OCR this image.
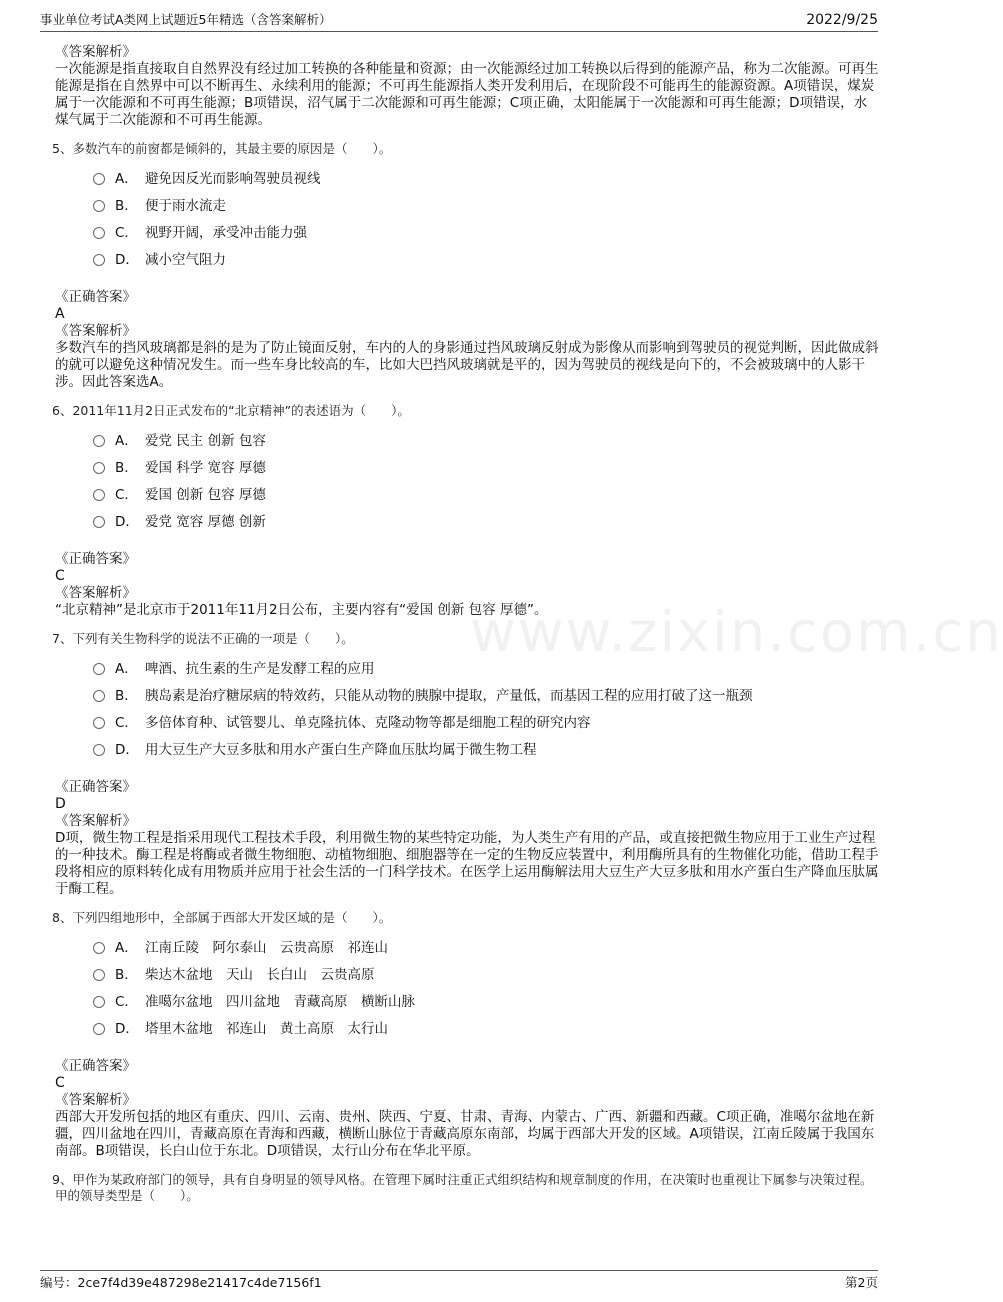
事业单位考试A类网上试题近5年精选（含答案解析）	2022/9/25
www.zixin.com.cn
《答案解析》
一次能源是指直接取自自然界没有经过加工转换的各种能量和资源；由一次能源经过加工转换以后得到的能源产品，称为二次能源。可再生能源是指在自然界中可以不断再生、永续利用的能源；不可再生能源指人类开发利用后，在现阶段不可能再生的能源资源。A项错误，煤炭属于一次能源和不可再生能源；B项错误，沼气属于二次能源和可再生能源；C项正确，太阳能属于一次能源和可再生能源；D项错误，水煤气属于二次能源和不可再生能源。
5、多数汽车的前窗都是倾斜的，其最主要的原因是（　　）。
A． 避免因反光而影响驾驶员视线
B． 便于雨水流走
C． 视野开阔，承受冲击能力强
D． 减小空气阻力
《正确答案》
A
《答案解析》
多数汽车的挡风玻璃都是斜的是为了防止镜面反射，车内的人的身影通过挡风玻璃反射成为影像从而影响到驾驶员的视觉判断，因此做成斜的就可以避免这种情况发生。而一些车身比较高的车，比如大巴挡风玻璃就是平的，因为驾驶员的视线是向下的，不会被玻璃中的人影干涉。因此答案选A。
6、2011年11月2日正式发布的“北京精神”的表述语为（　　）。
A． 爱党 民主 创新 包容
B． 爱国 科学 宽容 厚德
C． 爱国 创新 包容 厚德
D． 爱党 宽容 厚德 创新
《正确答案》
C
《答案解析》
“北京精神”是北京市于2011年11月2日公布，主要内容有“爱国 创新 包容 厚德”。
7、下列有关生物科学的说法不正确的一项是（　　）。
A． 啤酒、抗生素的生产是发酵工程的应用
B． 胰岛素是治疗糖尿病的特效药，只能从动物的胰腺中提取，产量低，而基因工程的应用打破了这一瓶颈
C． 多倍体育种、试管婴儿、单克隆抗体、克隆动物等都是细胞工程的研究内容
D． 用大豆生产大豆多肽和用水产蛋白生产降血压肽均属于微生物工程
《正确答案》
D
《答案解析》
D项，微生物工程是指采用现代工程技术手段，利用微生物的某些特定功能，为人类生产有用的产品，或直接把微生物应用于工业生产过程的一种技术。酶工程是将酶或者微生物细胞、动植物细胞、细胞器等在一定的生物反应装置中，利用酶所具有的生物催化功能，借助工程手段将相应的原料转化成有用物质并应用于社会生活的一门科学技术。在医学上运用酶解法用大豆生产大豆多肽和用水产蛋白生产降血压肽属于酶工程。
8、下列四组地形中，全部属于西部大开发区域的是（　　）。
A． 江南丘陵　阿尔泰山　云贵高原　祁连山
B． 柴达木盆地　天山　长白山　云贵高原
C． 准噶尔盆地　四川盆地　青藏高原　横断山脉
D． 塔里木盆地　祁连山　黄土高原　太行山
《正确答案》
C
《答案解析》
西部大开发所包括的地区有重庆、四川、云南、贵州、陕西、宁夏、甘肃、青海、内蒙古、广西、新疆和西藏。C项正确，准噶尔盆地在新疆，四川盆地在四川，青藏高原在青海和西藏，横断山脉位于青藏高原东南部，均属于西部大开发的区域。A项错误，江南丘陵属于我国东南部。B项错误，长白山位于东北。D项错误，太行山分布在华北平原。
9、甲作为某政府部门的领导，具有自身明显的领导风格。在管理下属时注重正式组织结构和规章制度的作用，在决策时也重视让下属参与决策过程。甲的领导类型是（　　）。
编号：2ce7f4d39e487298e21417c4de7156f1	第2页
